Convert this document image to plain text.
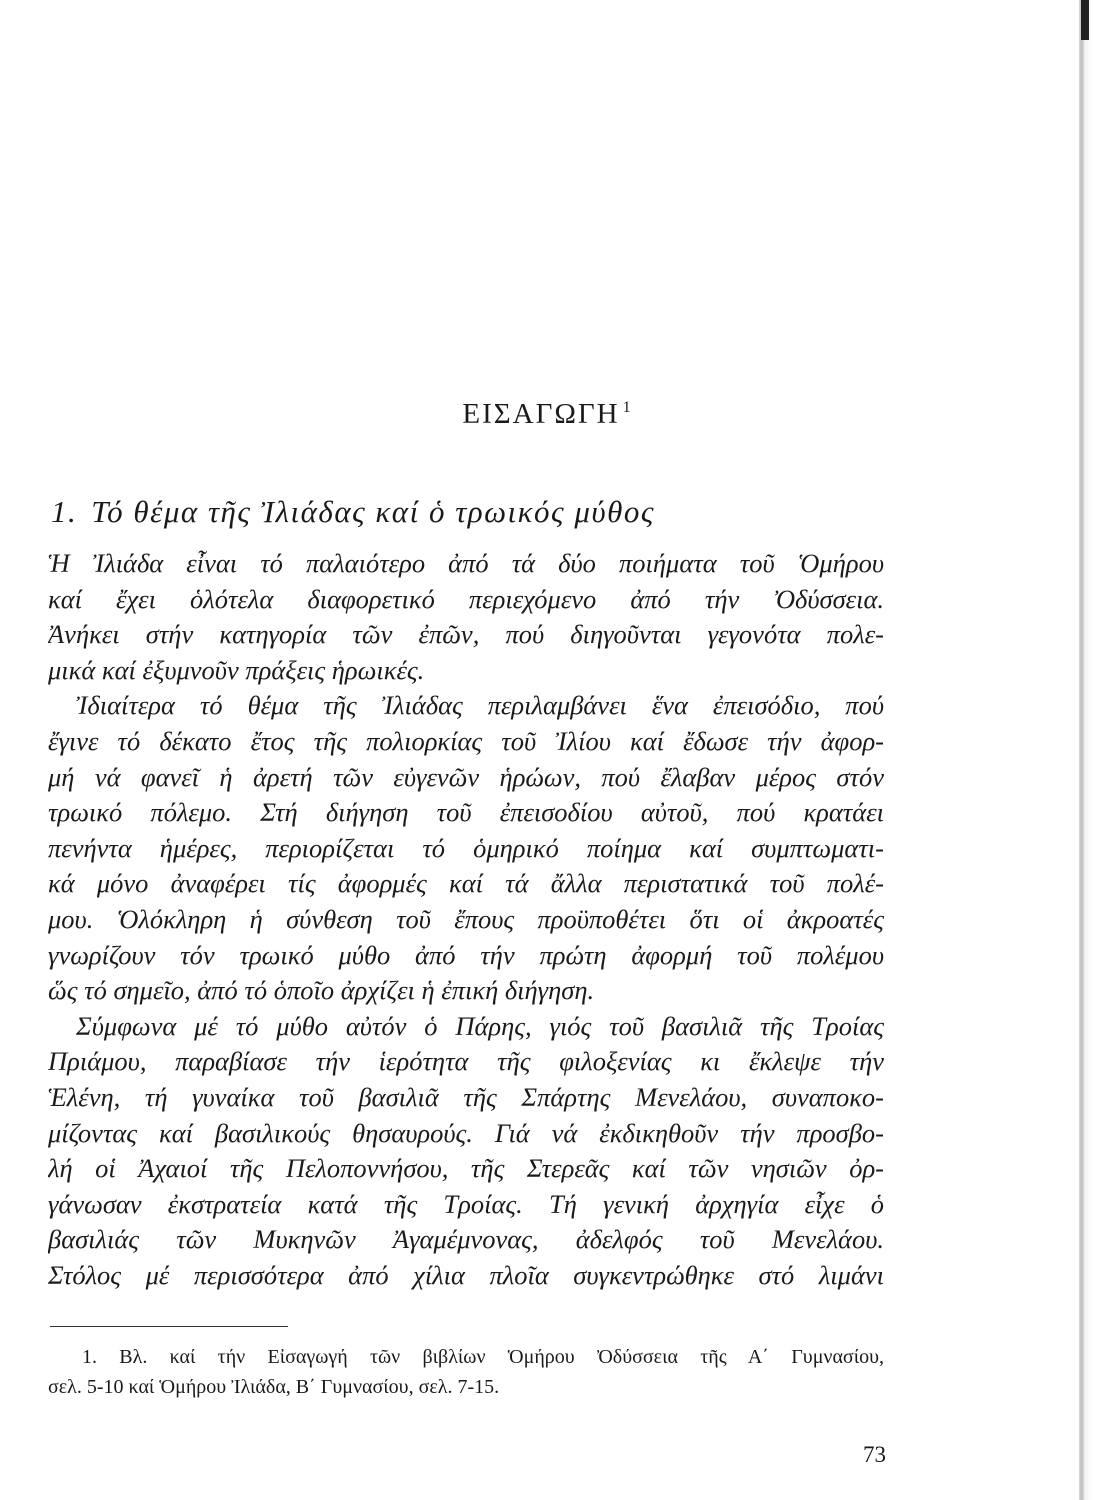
ΕΙΣΑΓΩΓΗ $^1$
1. Τό θέμα τῆς Ἰλιάδας καί ὁ τρωικός μύθος
Ἡ Ἰλιάδα εἶναι τό παλαιότερο ἀπό τά δύο ποιήματα τοῦ Ὁμήρου
καί ἔχει ὁλότελα διαφορετικό περιεχόμενο ἀπό τήν Ὀδύσσεια.
Ἀνήκει στήν κατηγορία τῶν ἐπῶν, πού διηγοῦνται γεγονότα πολε-
μικά καί ἐξυμνοῦν πράξεις ἡρωικές.
Ἰδιαίτερα τό θέμα τῆς Ἰλιάδας περιλαμβάνει ἕνα ἐπεισόδιο, πού
ἔγινε τό δέκατο ἔτος τῆς πολιορκίας τοῦ Ἰλίου καί ἔδωσε τήν ἀφορ-
μή νά φανεῖ ἡ ἀρετή τῶν εὐγενῶν ἡρώων, πού ἔλαβαν μέρος στόν
τρωικό πόλεμο. Στή διήγηση τοῦ ἐπεισοδίου αὐτοῦ, πού κρατάει
πενήντα ἡμέρες, περιορίζεται τό ὁμηρικό ποίημα καί συμπτωματι-
κά μόνο ἀναφέρει τίς ἀφορμές καί τά ἄλλα περιστατικά τοῦ πολέ-
μου. Ὁλόκληρη ἡ σύνθεση τοῦ ἔπους προϋποθέτει ὅτι οἱ ἀκροατές
γνωρίζουν τόν τρωικό μύθο ἀπό τήν πρώτη ἀφορμή τοῦ πολέμου
ὥς τό σημεῖο, ἀπό τό ὁποῖο ἀρχίζει ἡ ἐπική διήγηση.
Σύμφωνα μέ τό μύθο αὐτόν ὁ Πάρης, γιός τοῦ βασιλιᾶ τῆς Τροίας
Πριάμου, παραβίασε τήν ἱερότητα τῆς φιλοξενίας κι ἔκλεψε τήν
Ἑλένη, τή γυναίκα τοῦ βασιλιᾶ τῆς Σπάρτης Μενελάου, συναποκο-
μίζοντας καί βασιλικούς θησαυρούς. Γιά νά ἐκδικηθοῦν τήν προσβο-
λή οἱ Ἀχαιοί τῆς Πελοποννήσου, τῆς Στερεᾶς καί τῶν νησιῶν ὀρ-
γάνωσαν ἐκστρατεία κατά τῆς Τροίας. Τή γενική ἀρχηγία εἶχε ὁ
βασιλιάς τῶν Μυκηνῶν Ἀγαμέμνονας, ἀδελφός τοῦ Μενελάου.
Στόλος μέ περισσότερα ἀπό χίλια πλοῖα συγκεντρώθηκε στό λιμάνι
1. Βλ. καί τήν Εἰσαγωγή τῶν βιβλίων Ὁμήρου Ὀδύσσεια τῆς Α΄ Γυμνασίου,
σελ. 5-10 καί Ὁμήρου Ἰλιάδα, Β΄ Γυμνασίου, σελ. 7-15.
73
